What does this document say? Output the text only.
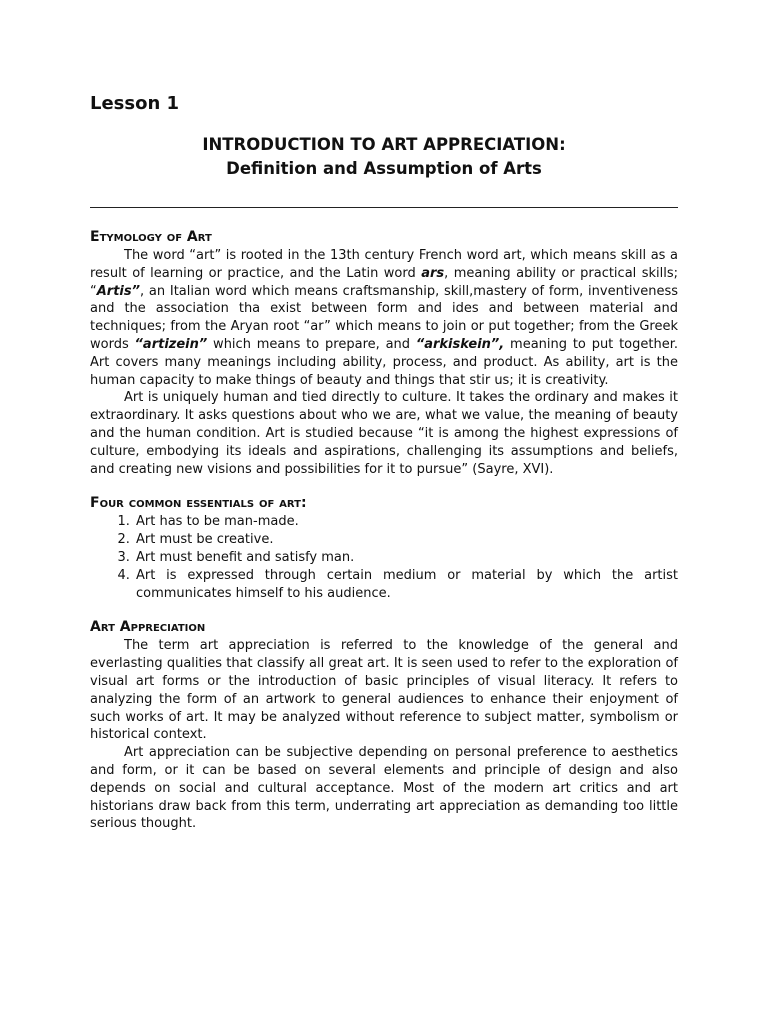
Lesson 1
INTRODUCTION TO ART APPRECIATION:
Definition and Assumption of Arts
Etymology of Art

The word “art” is rooted in the 13th century French word art, which means skill as a result of learning or practice, and the Latin word ars, meaning ability or practical skills; “Artis”, an Italian word which means craftsmanship, skill,mastery of form, inventiveness and the association tha exist between form and ides and between material and techniques; from the Aryan root “ar” which means to join or put together; from the Greek words “artizein” which means to prepare, and “arkiskein”, meaning to put together. Art covers many meanings including ability, process, and product. As ability, art is the human capacity to make things of beauty and things that stir us; it is creativity.

Art is uniquely human and tied directly to culture. It takes the ordinary and makes it extraordinary. It asks questions about who we are, what we value, the meaning of beauty and the human condition. Art is studied because “it is among the highest expressions of culture, embodying its ideals and aspirations, challenging its assumptions and beliefs, and creating new visions and possibilities for it to pursue” (Sayre, XVI).

Four common essentials of art:
1. Art has to be man-made.
2. Art must be creative.
3. Art must benefit and satisfy man.
4. Art is expressed through certain medium or material by which the artist communicates himself to his audience.
Art Appreciation

The term art appreciation is referred to the knowledge of the general and everlasting qualities that classify all great art. It is seen used to refer to the exploration of visual art forms or the introduction of basic principles of visual literacy. It refers to analyzing the form of an artwork to general audiences to enhance their enjoyment of such works of art. It may be analyzed without reference to subject matter, symbolism or historical context.

Art appreciation can be subjective depending on personal preference to aesthetics and form, or it can be based on several elements and principle of design and also depends on social and cultural acceptance. Most of the modern art critics and art historians draw back from this term, underrating art appreciation as demanding too little serious thought.
